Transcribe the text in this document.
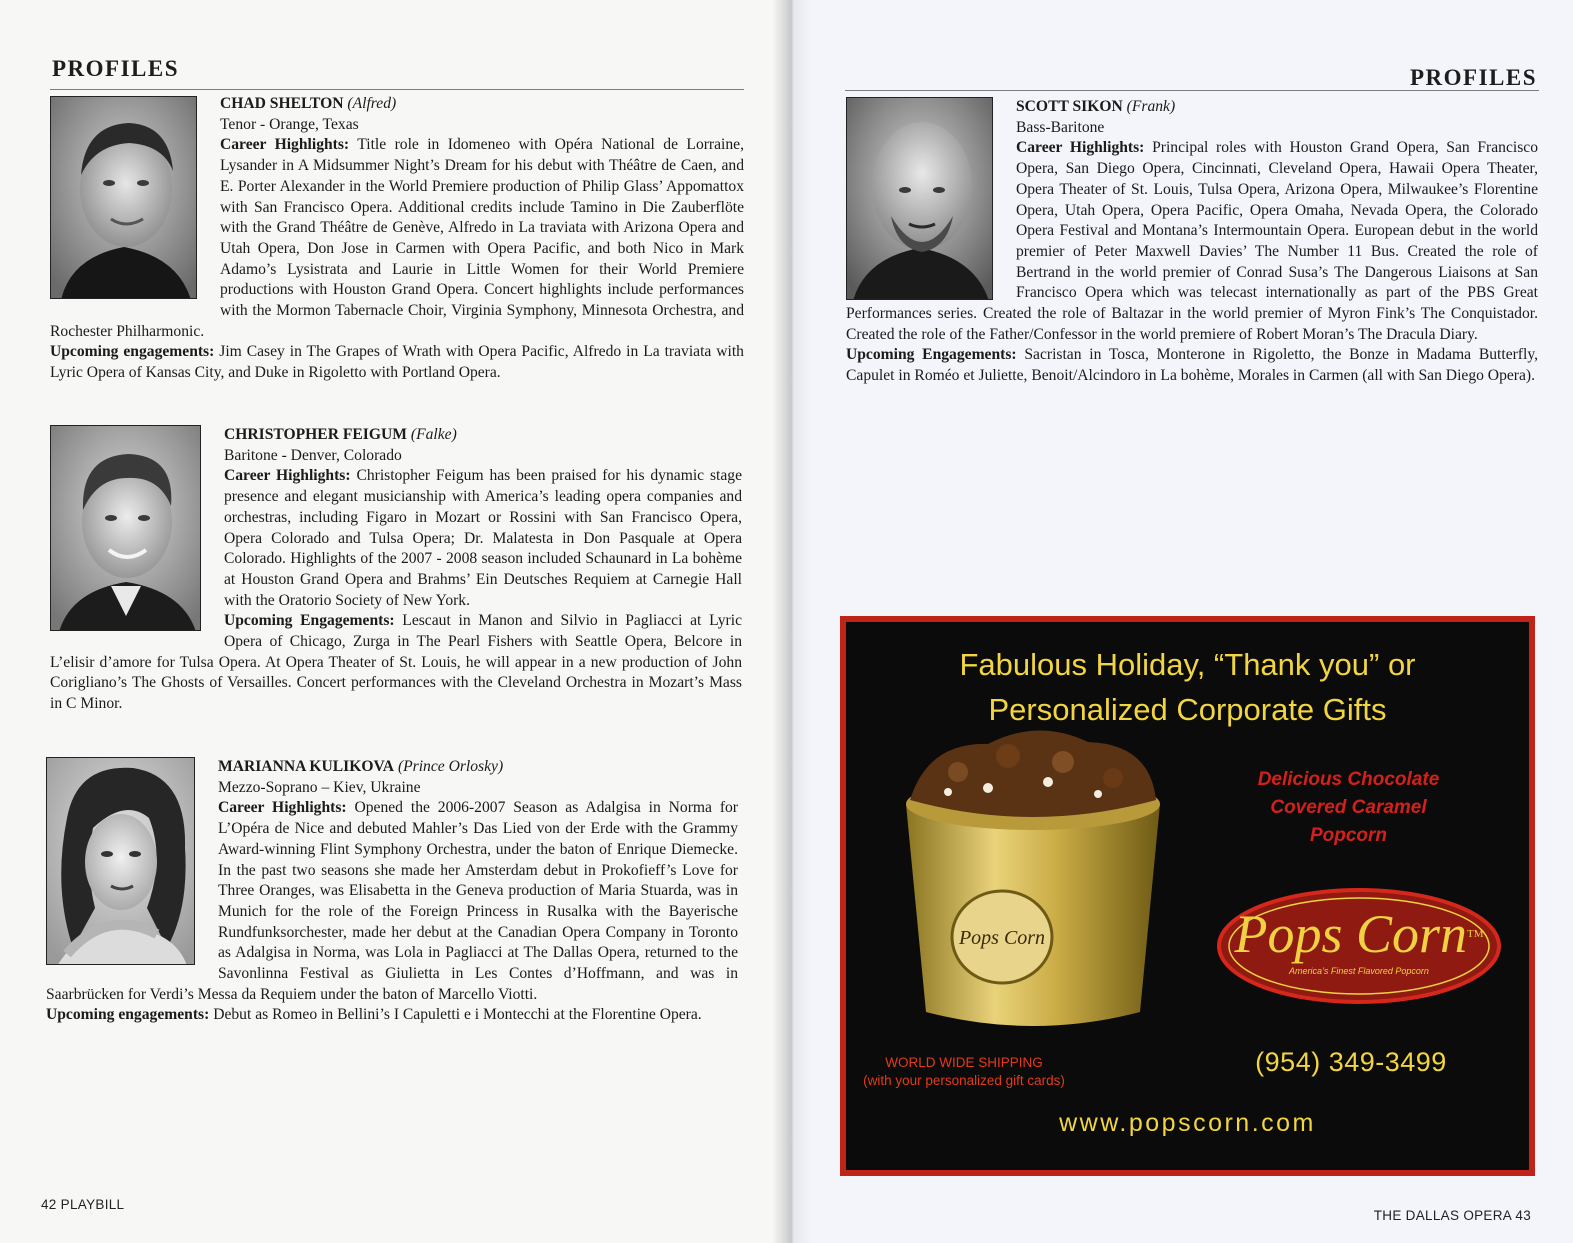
PROFILES	PROFILES
CHAD SHELTON (Alfred)
Tenor - Orange, Texas
Career Highlights: Title role in Idomeneo with Opéra National de Lorraine, Lysander in A Midsummer Night’s Dream for his debut with Théâtre de Caen, and E. Porter Alexander in the World Premiere production of Philip Glass’ Appomattox with San Francisco Opera. Additional credits include Tamino in Die Zauberflöte with the Grand Théâtre de Genève, Alfredo in La traviata with Arizona Opera and Utah Opera, Don Jose in Carmen with Opera Pacific, and both Nico in Mark Adamo’s Lysistrata and Laurie in Little Women for their World Premiere productions with Houston Grand Opera. Concert highlights include performances with the Mormon Tabernacle Choir, Virginia Symphony, Minnesota Orchestra, and Rochester Philharmonic.
Upcoming engagements: Jim Casey in The Grapes of Wrath with Opera Pacific, Alfredo in La traviata with Lyric Opera of Kansas City, and Duke in Rigoletto with Portland Opera.
CHRISTOPHER FEIGUM (Falke)
Baritone - Denver, Colorado
Career Highlights: Christopher Feigum has been praised for his dynamic stage presence and elegant musicianship with America’s leading opera companies and orchestras, including Figaro in Mozart or Rossini with San Francisco Opera, Opera Colorado and Tulsa Opera; Dr. Malatesta in Don Pasquale at Opera Colorado. Highlights of the 2007 - 2008 season included Schaunard in La bohème at Houston Grand Opera and Brahms’ Ein Deutsches Requiem at Carnegie Hall with the Oratorio Society of New York.
Upcoming Engagements: Lescaut in Manon and Silvio in Pagliacci at Lyric Opera of Chicago, Zurga in The Pearl Fishers with Seattle Opera, Belcore in L’elisir d’amore for Tulsa Opera. At Opera Theater of St. Louis, he will appear in a new production of John Corigliano’s The Ghosts of Versailles. Concert performances with the Cleveland Orchestra in Mozart’s Mass in C Minor.
MARIANNA KULIKOVA (Prince Orlosky)
Mezzo-Soprano – Kiev, Ukraine
Career Highlights: Opened the 2006-2007 Season as Adalgisa in Norma for L’Opéra de Nice and debuted Mahler’s Das Lied von der Erde with the Grammy Award-winning Flint Symphony Orchestra, under the baton of Enrique Diemecke. In the past two seasons she made her Amsterdam debut in Prokofieff’s Love for Three Oranges, was Elisabetta in the Geneva production of Maria Stuarda, was in Munich for the role of the Foreign Princess in Rusalka with the Bayerische Rundfunksorchester, made her debut at the Canadian Opera Company in Toronto as Adalgisa in Norma, was Lola in Pagliacci at The Dallas Opera, returned to the Savonlinna Festival as Giulietta in Les Contes d’Hoffmann, and was in Saarbrücken for Verdi’s Messa da Requiem under the baton of Marcello Viotti.
Upcoming engagements: Debut as Romeo in Bellini’s I Capuletti e i Montecchi at the Florentine Opera.
SCOTT SIKON (Frank)
Bass-Baritone
Career Highlights: Principal roles with Houston Grand Opera, San Francisco Opera, San Diego Opera, Cincinnati, Cleveland Opera, Hawaii Opera Theater, Opera Theater of St. Louis, Tulsa Opera, Arizona Opera, Milwaukee’s Florentine Opera, Utah Opera, Opera Pacific, Opera Omaha, Nevada Opera, the Colorado Opera Festival and Montana’s Intermountain Opera. European debut in the world premier of Peter Maxwell Davies’ The Number 11 Bus. Created the role of Bertrand in the world premier of Conrad Susa’s The Dangerous Liaisons at San Francisco Opera which was telecast internationally as part of the PBS Great Performances series. Created the role of Baltazar in the world premier of Myron Fink’s The Conquistador. Created the role of the Father/Confessor in the world premiere of Robert Moran’s The Dracula Diary.
Upcoming Engagements: Sacristan in Tosca, Monterone in Rigoletto, the Bonze in Madama Butterfly, Capulet in Roméo et Juliette, Benoit/Alcindoro in La bohème, Morales in Carmen (all with San Diego Opera).
Fabulous Holiday, “Thank you” or
Personalized Corporate Gifts
Pops Corn
Delicious Chocolate
Covered Caramel
Popcorn
Pops Corn™
America’s Finest Flavored Popcorn
WORLD WIDE SHIPPING
(with your personalized gift cards)
(954) 349-3499
www.popscorn.com
42 PLAYBILL
THE DALLAS OPERA 43
